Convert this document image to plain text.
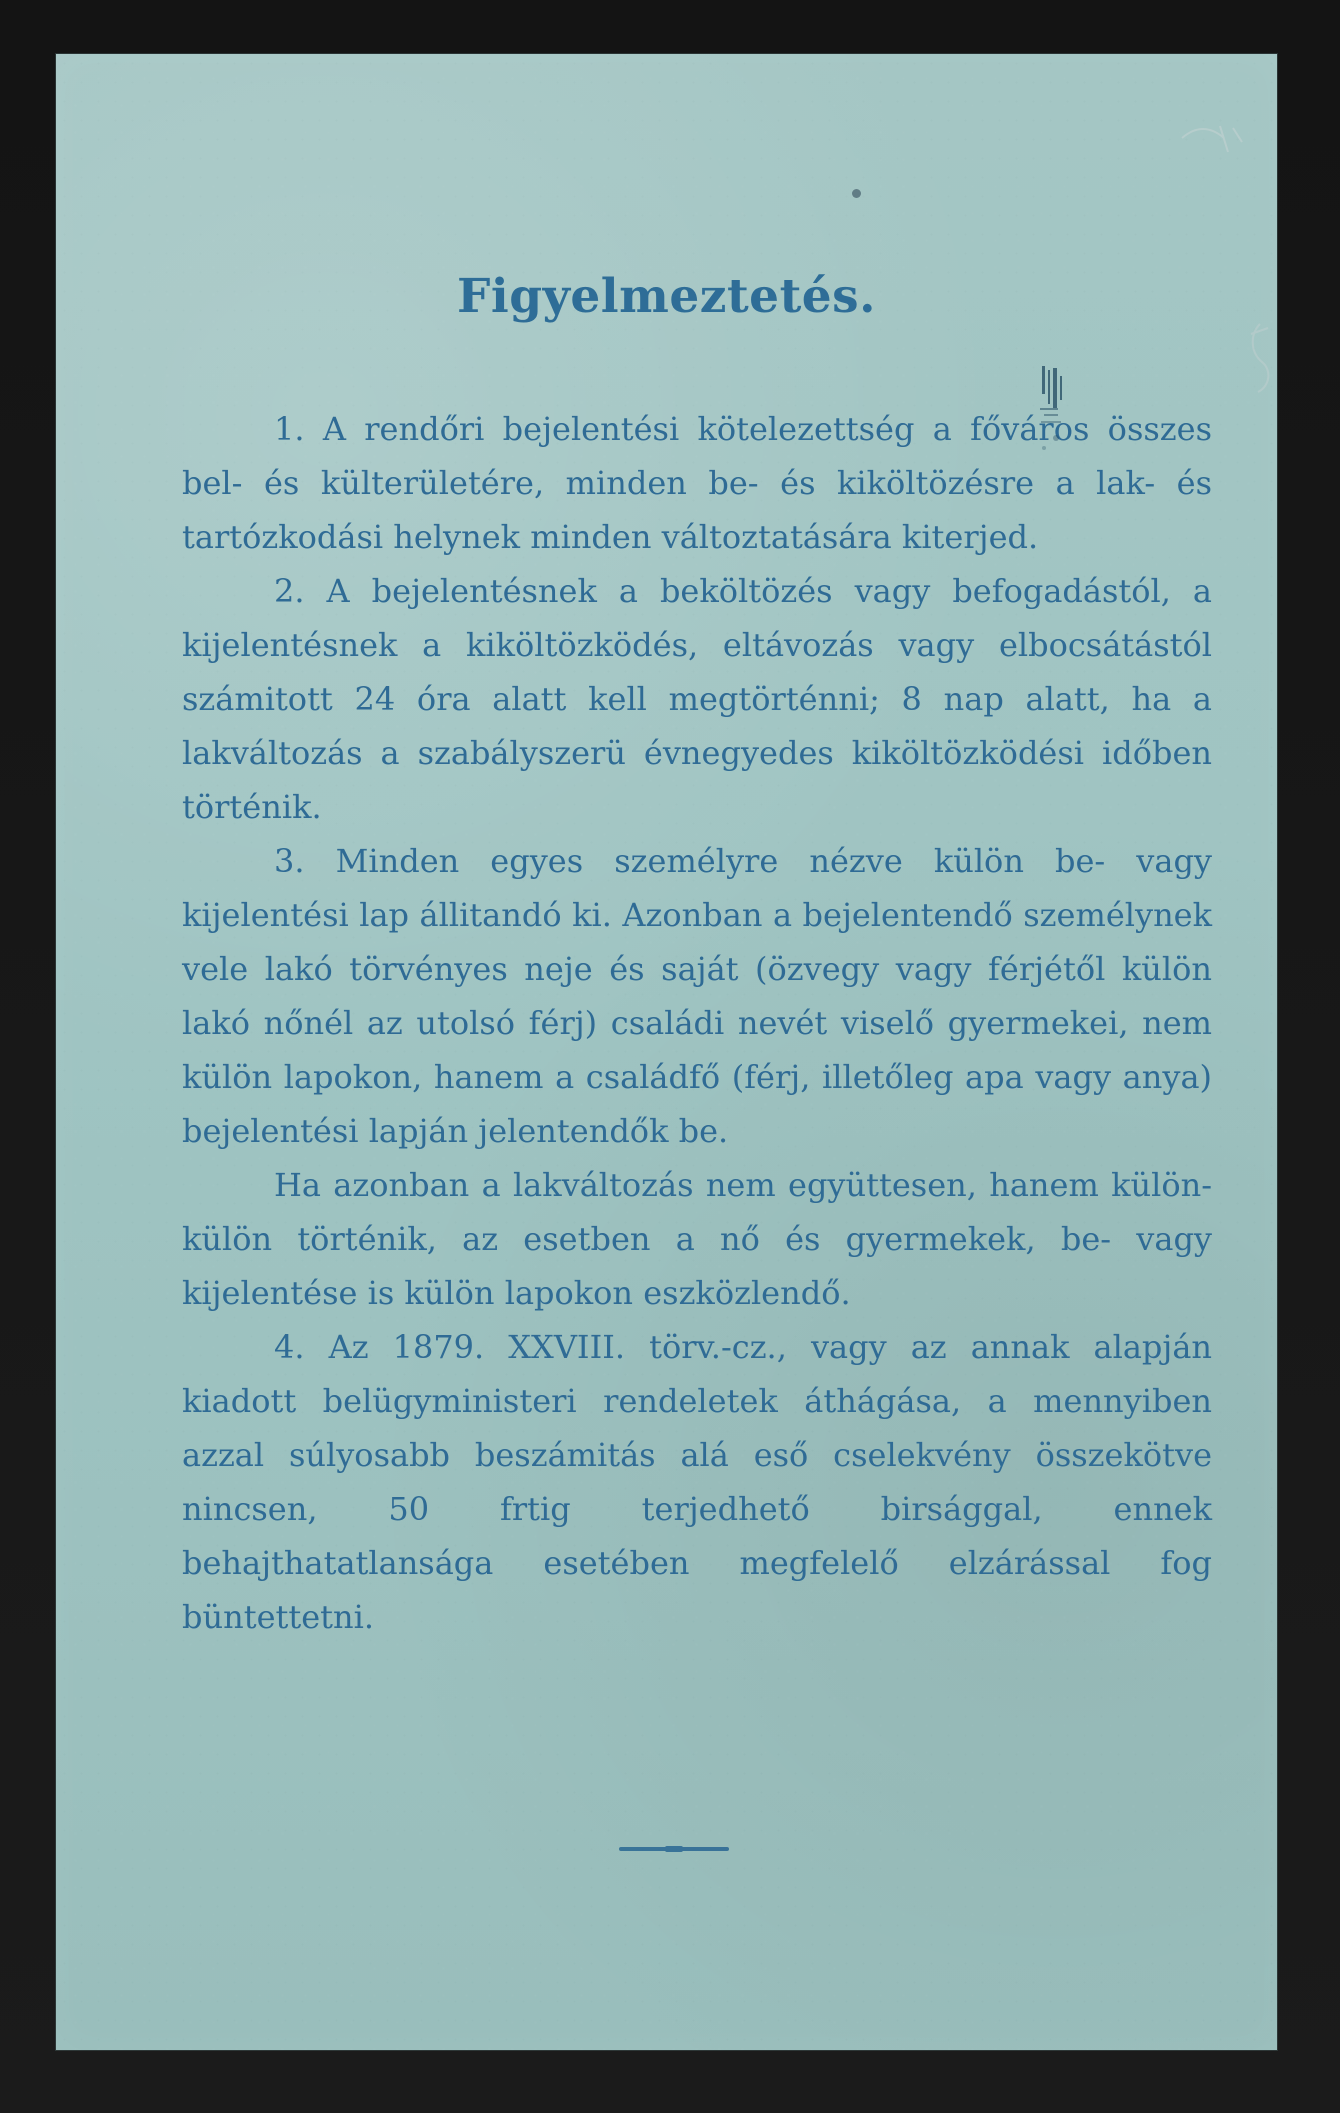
Figyelmeztetés.

1. A rendőri bejelentési kötelezettség a főváros összes bel- és külterületére, minden be- és kiköltözésre a lak- és tartózkodási helynek minden változtatására kiterjed.

2. A bejelentésnek a beköltözés vagy befogadástól, a kijelentésnek a kiköltözködés, eltávozás vagy elbocsátástól számitott 24 óra alatt kell megtörténni; 8 nap alatt, ha a lakváltozás a szabályszerü évnegyedes kiköltözködési időben történik.

3. Minden egyes személyre nézve külön be- vagy kijelentési lap állitandó ki. Azonban a bejelentendő személynek vele lakó törvényes neje és saját (özvegy vagy férjétől külön lakó nőnél az utolsó férj) családi nevét viselő gyermekei, nem külön lapokon, hanem a családfő (férj, illetőleg apa vagy anya) bejelentési lapján jelentendők be.

Ha azonban a lakváltozás nem együttesen, hanem külön-külön történik, az esetben a nő és gyermekek, be- vagy kijelentése is külön lapokon eszközlendő.

4. Az 1879. XXVIII. törv.-cz., vagy az annak alapján kiadott belügyministeri rendeletek áthágása, a mennyiben azzal súlyosabb beszámitás alá eső cselekvény összekötve nincsen, 50 frtig terjedhető birsággal, ennek behajthatatlansága esetében megfelelő elzárással fog büntettetni.
